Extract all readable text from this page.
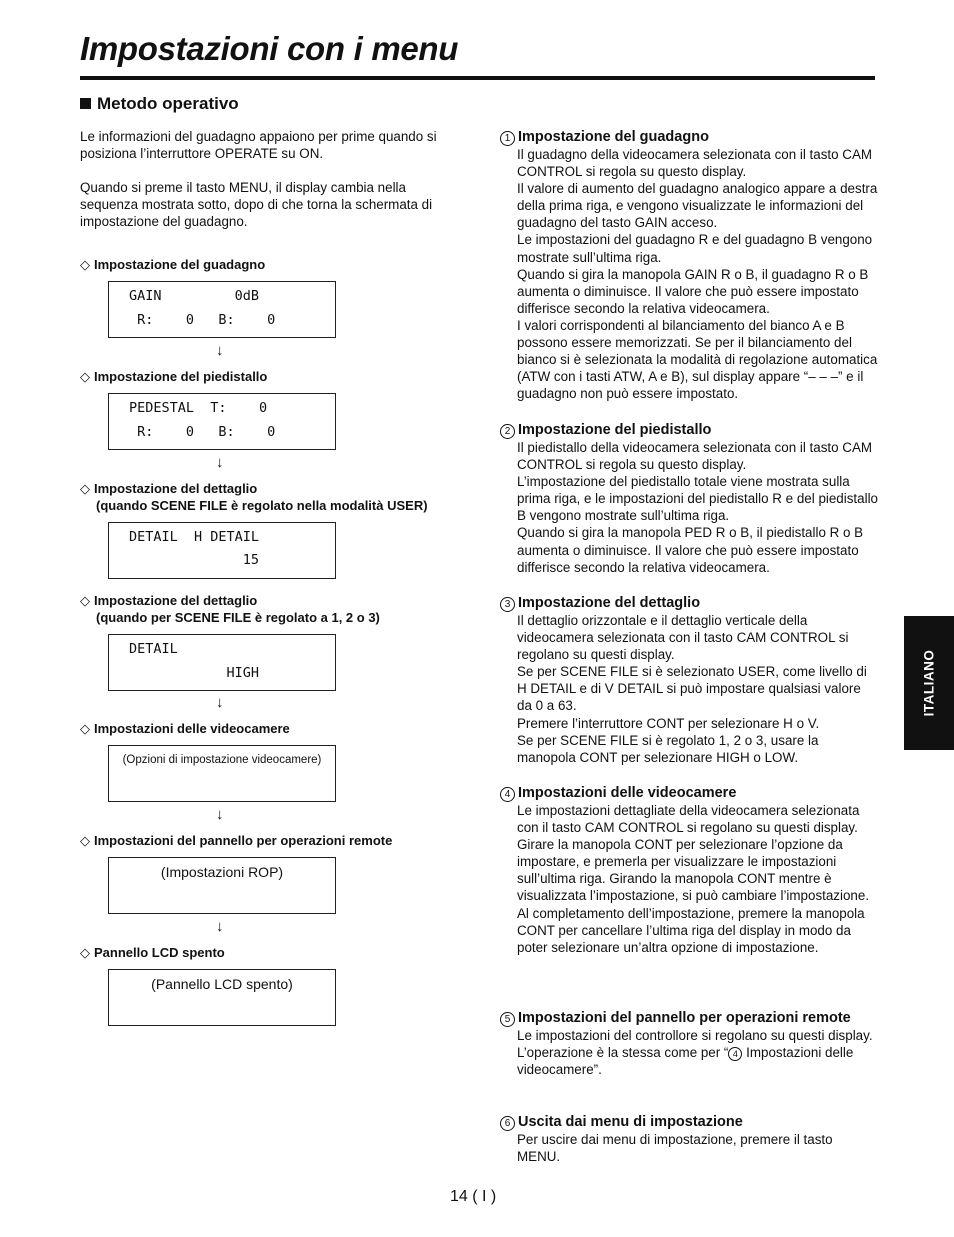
Impostazioni con i menu
Metodo operativo

Le informazioni del guadagno appaiono per prime quando si posiziona l’interruttore OPERATE su ON.

Quando si preme il tasto MENU, il display cambia nella sequenza mostrata sotto, dopo di che torna la schermata di impostazione del guadagno.

◇ Impostazione del guadagno
GAIN         0dB
R:    0   B:    0
↓
◇ Impostazione del piedistallo
PEDESTAL  T:    0
R:    0   B:    0
↓
◇ Impostazione del dettaglio
(quando SCENE FILE è regolato nella modalità USER)
DETAIL  H DETAIL
15
◇ Impostazione del dettaglio
(quando per SCENE FILE è regolato a 1, 2 o 3)
DETAIL
HIGH
↓
◇ Impostazioni delle videocamere
(Opzioni di impostazione videocamere)
↓
◇ Impostazioni del pannello per operazioni remote
(Impostazioni ROP)
↓
◇ Pannello LCD spento
(Pannello LCD spento)
1 Impostazione del guadagno

Il guadagno della videocamera selezionata con il tasto CAM CONTROL si regola su questo display.
Il valore di aumento del guadagno analogico appare a destra della prima riga, e vengono visualizzate le informazioni del guadagno del tasto GAIN acceso.
Le impostazioni del guadagno R e del guadagno B vengono mostrate sull’ultima riga.
Quando si gira la manopola GAIN R o B, il guadagno R o B aumenta o diminuisce. Il valore che può essere impostato differisce secondo la relativa videocamera.
I valori corrispondenti al bilanciamento del bianco A e B possono essere memorizzati. Se per il bilanciamento del bianco si è selezionata la modalità di regolazione automatica (ATW con i tasti ATW, A e B), sul display appare “– – –” e il guadagno non può essere impostato.

2 Impostazione del piedistallo

Il piedistallo della videocamera selezionata con il tasto CAM CONTROL si regola su questo display.
L’impostazione del piedistallo totale viene mostrata sulla prima riga, e le impostazioni del piedistallo R e del piedistallo B vengono mostrate sull’ultima riga.
Quando si gira la manopola PED R o B, il piedistallo R o B aumenta o diminuisce. Il valore che può essere impostato differisce secondo la relativa videocamera.

3 Impostazione del dettaglio

Il dettaglio orizzontale e il dettaglio verticale della videocamera selezionata con il tasto CAM CONTROL si regolano su questi display.
Se per SCENE FILE si è selezionato USER, come livello di H DETAIL e di V DETAIL si può impostare qualsiasi valore da 0 a 63.
Premere l’interruttore CONT per selezionare H o V.
Se per SCENE FILE si è regolato 1, 2 o 3, usare la manopola CONT per selezionare HIGH o LOW.

4 Impostazioni delle videocamere

Le impostazioni dettagliate della videocamera selezionata con il tasto CAM CONTROL si regolano su questi display.
Girare la manopola CONT per selezionare l’opzione da impostare, e premerla per visualizzare le impostazioni sull’ultima riga. Girando la manopola CONT mentre è visualizzata l’impostazione, si può cambiare l’impostazione. Al completamento dell’impostazione, premere la manopola CONT per cancellare l’ultima riga del display in modo da poter selezionare un’altra opzione di impostazione.

5 Impostazioni del pannello per operazioni remote

Le impostazioni del controllore si regolano su questi display.

L’operazione è la stessa come per “ 4 Impostazioni delle videocamere”.

6 Uscita dai menu di impostazione

Per uscire dai menu di impostazione, premere il tasto MENU.

ITALIANO
14 ( I )
